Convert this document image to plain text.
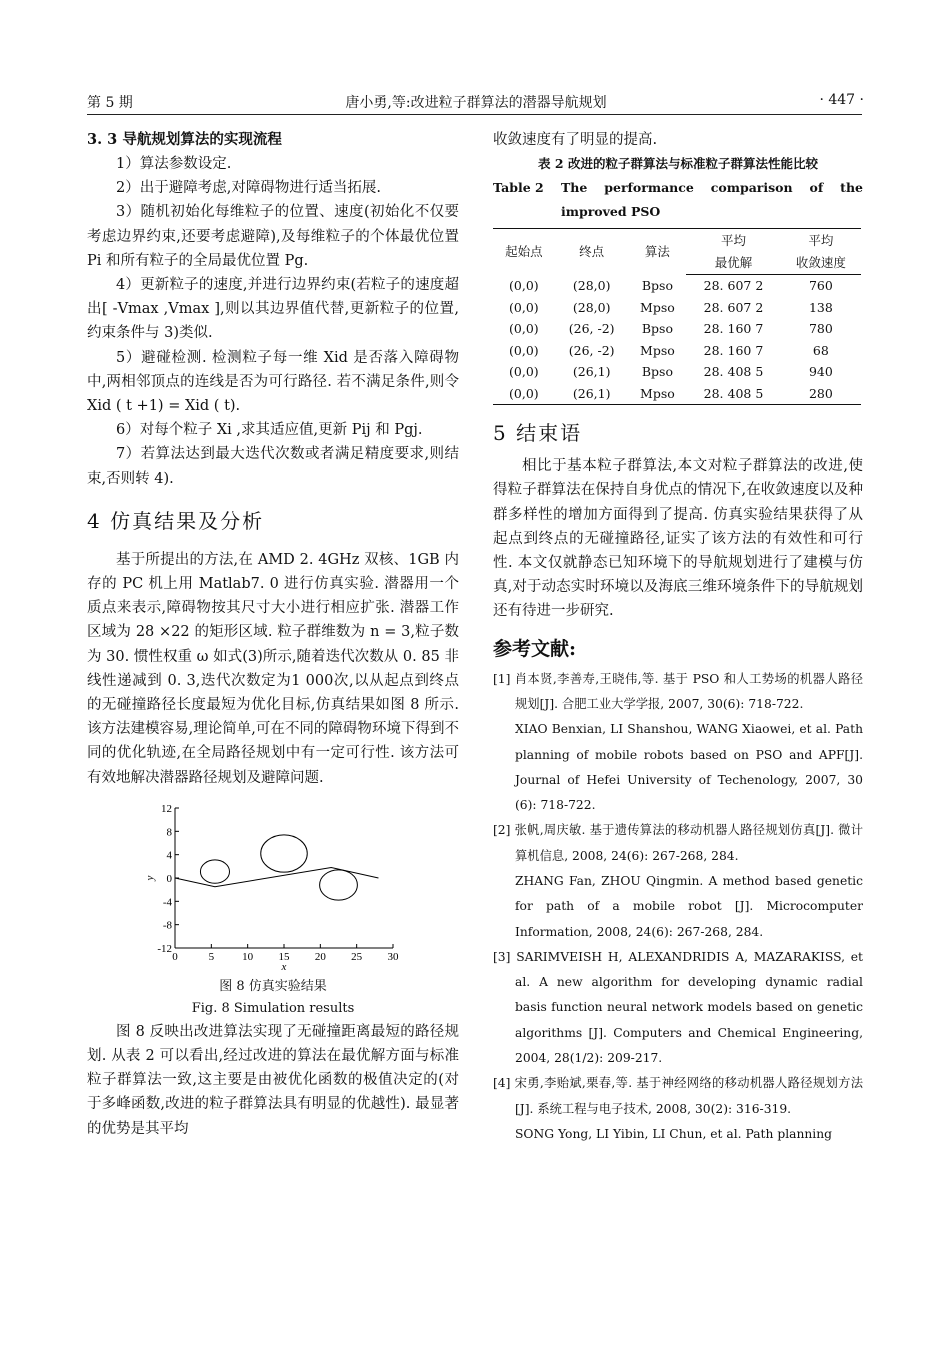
第 5 期	唐小勇,等:改进粒子群算法的潜器导航规划	· 447 ·

3. 3 导航规划算法的实现流程

1）算法参数设定.

2）出于避障考虑,对障碍物进行适当拓展.

3）随机初始化每维粒子的位置、速度(初始化不仅要考虑边界约束,还要考虑避障),及每维粒子的个体最优位置 Pi 和所有粒子的全局最优位置 Pg.

4）更新粒子的速度,并进行边界约束(若粒子的速度超出[ -Vmax ,Vmax ],则以其边界值代替,更新粒子的位置,约束条件与 3)类似.

5）避碰检测. 检测粒子每一维 Xid 是否落入障碍物中,两相邻顶点的连线是否为可行路径. 若不满足条件,则令 Xid ( t +1) = Xid ( t).

6）对每个粒子 Xi ,求其适应值,更新 Pij 和 Pgj.

7）若算法达到最大迭代次数或者满足精度要求,则结束,否则转 4).

4 仿真结果及分析

基于所提出的方法,在 AMD 2. 4GHz 双核、1GB 内存的 PC 机上用 Matlab7. 0 进行仿真实验. 潜器用一个质点来表示,障碍物按其尺寸大小进行相应扩张. 潜器工作区域为 28 ×22 的矩形区域. 粒子群维数为 n = 3,粒子数为 30. 惯性权重 ω 如式(3)所示,随着迭代次数从 0. 85 非线性递减到 0. 3,迭代次数定为1 000次,以从起点到终点的无碰撞路径长度最短为优化目标,仿真结果如图 8 所示. 该方法建模容易,理论简单,可在不同的障碍物环境下得到不同的优化轨迹,在全局路径规划中有一定可行性. 该方法可有效地解决潜器路径规划及避障问题.

-12
-8
-4
0
4
8
12
0	5	10 15 20 25 30
x
y

图 8 仿真实验结果

Fig. 8 Simulation results

图 8 反映出改进算法实现了无碰撞距离最短的路径规划. 从表 2 可以看出,经过改进的算法在最优解方面与标准粒子群算法一致,这主要是由被优化函数的极值决定的(对于多峰函数,改进的粒子群算法具有明显的优越性). 最显著的优势是其平均

收敛速度有了明显的提高.

表 2 改进的粒子群算法与标准粒子群算法性能比较
Table 2	The performance comparison of the improved PSO
起始点	终点	算法	平均	平均
			最优解	收敛速度
(0,0)	(28,0)	Bpso	28. 607 2	760
(0,0)	(28,0)	Mpso	28. 607 2	138
(0,0)	(26, -2)	Bpso	28. 160 7	780
(0,0)	(26, -2)	Mpso	28. 160 7	68
(0,0)	(26,1)	Bpso	28. 408 5	940
(0,0)	(26,1)	Mpso	28. 408 5	280
5 结束语

相比于基本粒子群算法,本文对粒子群算法的改进,使得粒子群算法在保持自身优点的情况下,在收敛速度以及种群多样性的增加方面得到了提高. 仿真实验结果获得了从起点到终点的无碰撞路径,证实了该方法的有效性和可行性. 本文仅就静态已知环境下的导航规划进行了建模与仿真,对于动态实时环境以及海底三维环境条件下的导航规划还有待进一步研究.

参考文献:

[1] 肖本贤,李善寿,王晓伟,等. 基于 PSO 和人工势场的机器人路径规划[J]. 合肥工业大学学报, 2007, 30(6): 718-722.

XIAO Benxian, LI Shanshou, WANG Xiaowei, et al. Path planning of mobile robots based on PSO and APF[J]. Journal of Hefei University of Techenology, 2007, 30 (6): 718-722.

[2] 张帆,周庆敏. 基于遗传算法的移动机器人路径规划仿真[J]. 微计算机信息, 2008, 24(6): 267-268, 284.

ZHANG Fan, ZHOU Qingmin. A method based genetic for path of a mobile robot [J]. Microcomputer Information, 2008, 24(6): 267-268, 284.

[3] SARIMVEISH H, ALEXANDRIDIS A, MAZARAKISS, et al. A new algorithm for developing dynamic radial basis function neural network models based on genetic algorithms [J]. Computers and Chemical Engineering, 2004, 28(1/2): 209-217.

[4] 宋勇,李贻斌,栗春,等. 基于神经网络的移动机器人路径规划方法[J]. 系统工程与电子技术, 2008, 30(2): 316-319.

SONG Yong, LI Yibin, LI Chun, et al. Path planning
